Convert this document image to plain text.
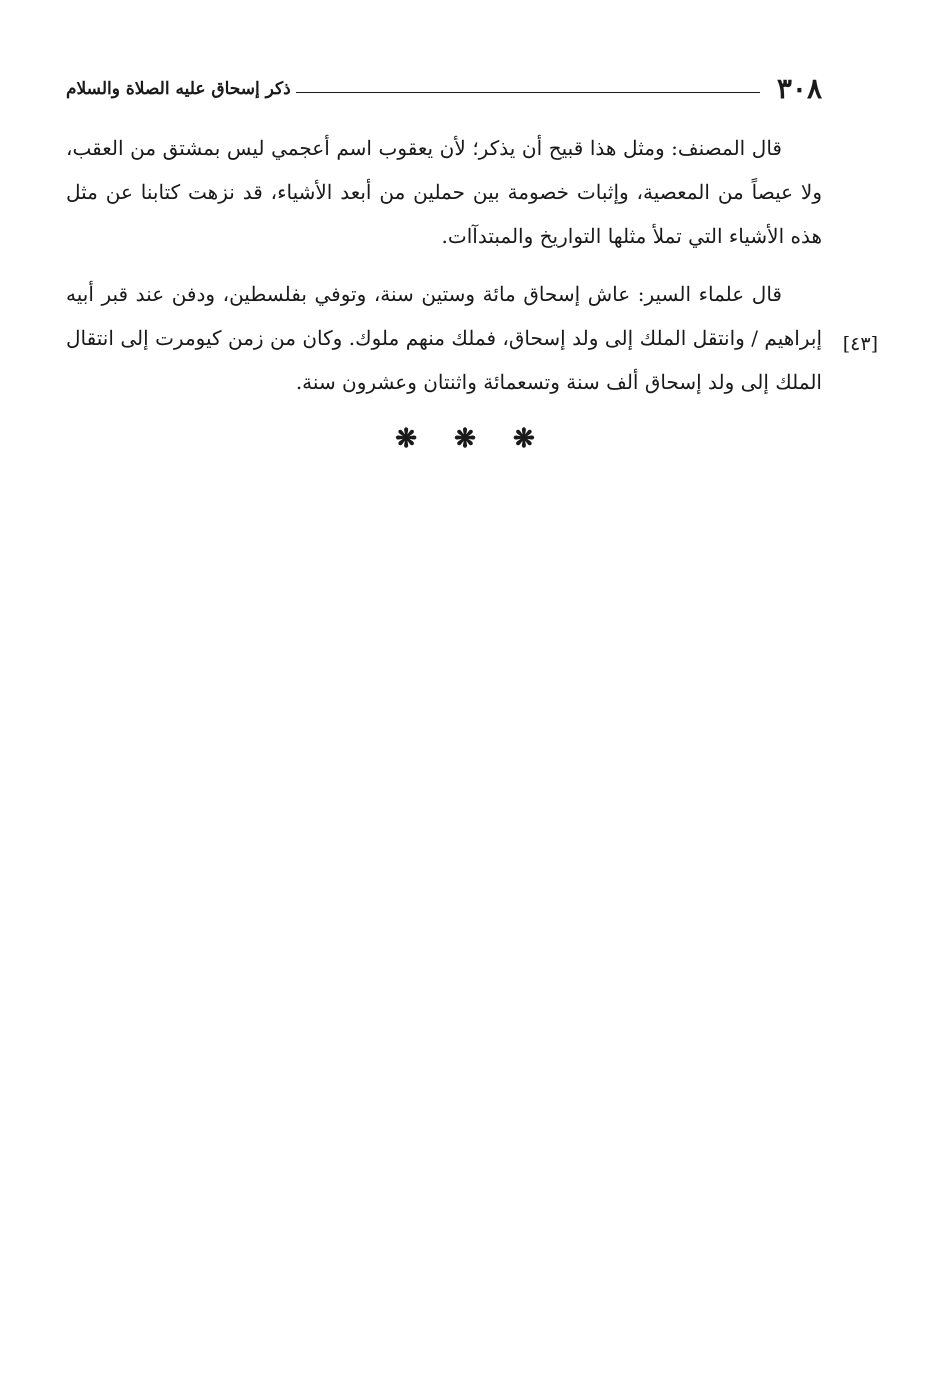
٣٠٨
ذكر إسحاق عليه الصلاة والسلام

قال المصنف: ومثل هذا قبيح أن يذكر؛ لأن يعقوب اسم أعجمي ليس بمشتق من العقب، ولا عيصاً من المعصية، وإثبات خصومة بين حملين من أبعد الأشياء، قد نزهت كتابنا عن مثل هذه الأشياء التي تملأ مثلها التواريخ والمبتدآات.

قال علماء السير: عاش إسحاق مائة وستين سنة، وتوفي بفلسطين، ودفن عند قبر أبيه إبراهيم / وانتقل الملك إلى ولد إسحاق، فملك منهم ملوك. وكان من زمن كيومرت إلى انتقال الملك إلى ولد إسحاق ألف سنة وتسعمائة واثنتان وعشرون سنة.

[٤٣]
❋ ❋ ❋
